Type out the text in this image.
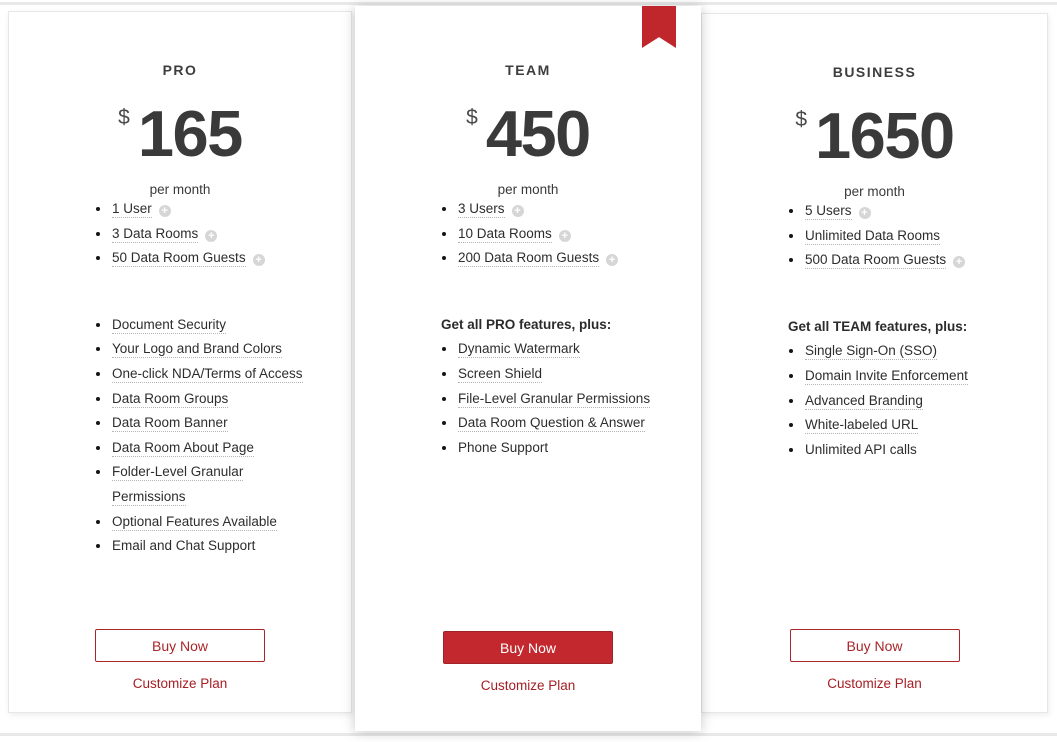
PRO
$ 165
per month
1 User +
3 Data Rooms +
50 Data Room Guests +
Document Security
Your Logo and Brand Colors
One-click NDA/Terms of Access
Data Room Groups
Data Room Banner
Data Room About Page
Folder-Level Granular Permissions
Optional Features Available
Email and Chat Support
Buy Now
Customize Plan
TEAM
$ 450
per month
3 Users +
10 Data Rooms +
200 Data Room Guests +
Get all PRO features, plus:
Dynamic Watermark
Screen Shield
File-Level Granular Permissions
Data Room Question & Answer
Phone Support
Buy Now
Customize Plan
BUSINESS
$ 1650
per month
5 Users +
Unlimited Data Rooms
500 Data Room Guests +
Get all TEAM features, plus:
Single Sign-On (SSO)
Domain Invite Enforcement
Advanced Branding
White-labeled URL
Unlimited API calls
Buy Now
Customize Plan
